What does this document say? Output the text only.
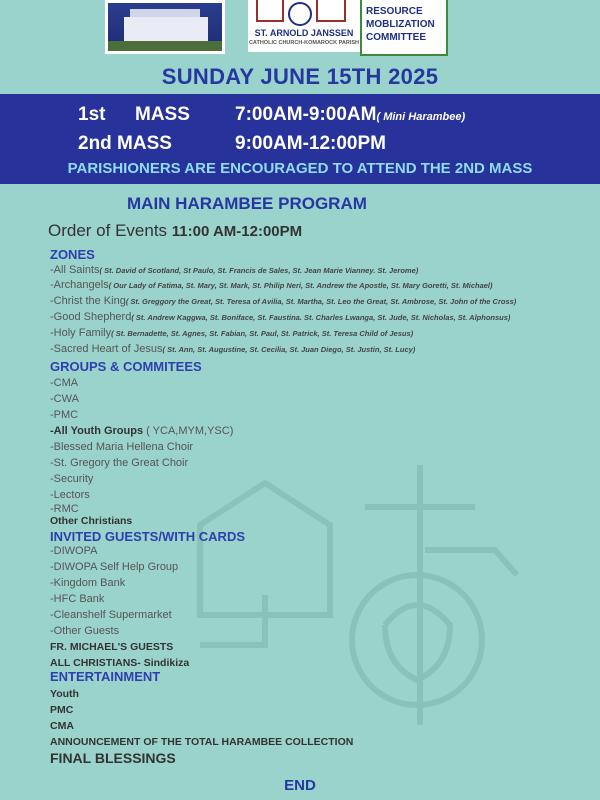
ST. ARNOLD JANSSEN
CATHOLIC CHURCH-KOMAROCK PARISH
RESOURCE
MOBLIZATION
COMMITTEE
SUNDAY JUNE 15TH 2025
1st MASS 7:00AM-9:00AM( Mini Harambee)
2nd MASS	9:00AM-12:00PM
PARISHIONERS ARE ENCOURAGED TO ATTEND THE 2ND MASS
MAIN HARAMBEE PROGRAM
Order of Events 11:00 AM-12:00PM
ZONES
-All Saints( St. David of Scotland, St Paulo, St. Francis de Sales, St. Jean Marie Vianney. St. Jerome)
-Archangels( Our Lady of Fatima, St. Mary, St. Mark, St. Philip Neri, St. Andrew the Apostle, St. Mary Goretti, St. Michael)
-Christ the King( St. Greggory the Great, St. Teresa of Avilia, St. Martha, St. Leo the Great, St. Ambrose, St. John of the Cross)
-Good Shepherd( St. Andrew Kaggwa, St. Boniface, St. Faustina. St. Charles Lwanga, St. Jude, St. Nicholas, St. Alphonsus)
-Holy Family( St. Bernadette, St. Agnes, St. Fabian, St. Paul, St. Patrick, St. Teresa Child of Jesus)
-Sacred Heart of Jesus( St. Ann, St. Augustine, St. Cecilia, St. Juan Diego, St. Justin, St. Lucy)
GROUPS & COMMITEES
-CMA
-CWA
-PMC
-All Youth Groups ( YCA,MYM,YSC)
-Blessed Maria Hellena Choir
-St. Gregory the Great Choir
-Security
-Lectors
-RMC
Other Christians
INVITED GUESTS/WITH CARDS
-DIWOPA
-DIWOPA Self Help Group
-Kingdom Bank
-HFC Bank
-Cleanshelf Supermarket
-Other Guests
FR. MICHAEL'S GUESTS
ALL CHRISTIANS- Sindikiza
ENTERTAINMENT
Youth
PMC
CMA
ANNOUNCEMENT OF THE TOTAL HARAMBEE COLLECTION
FINAL BLESSINGS
END
